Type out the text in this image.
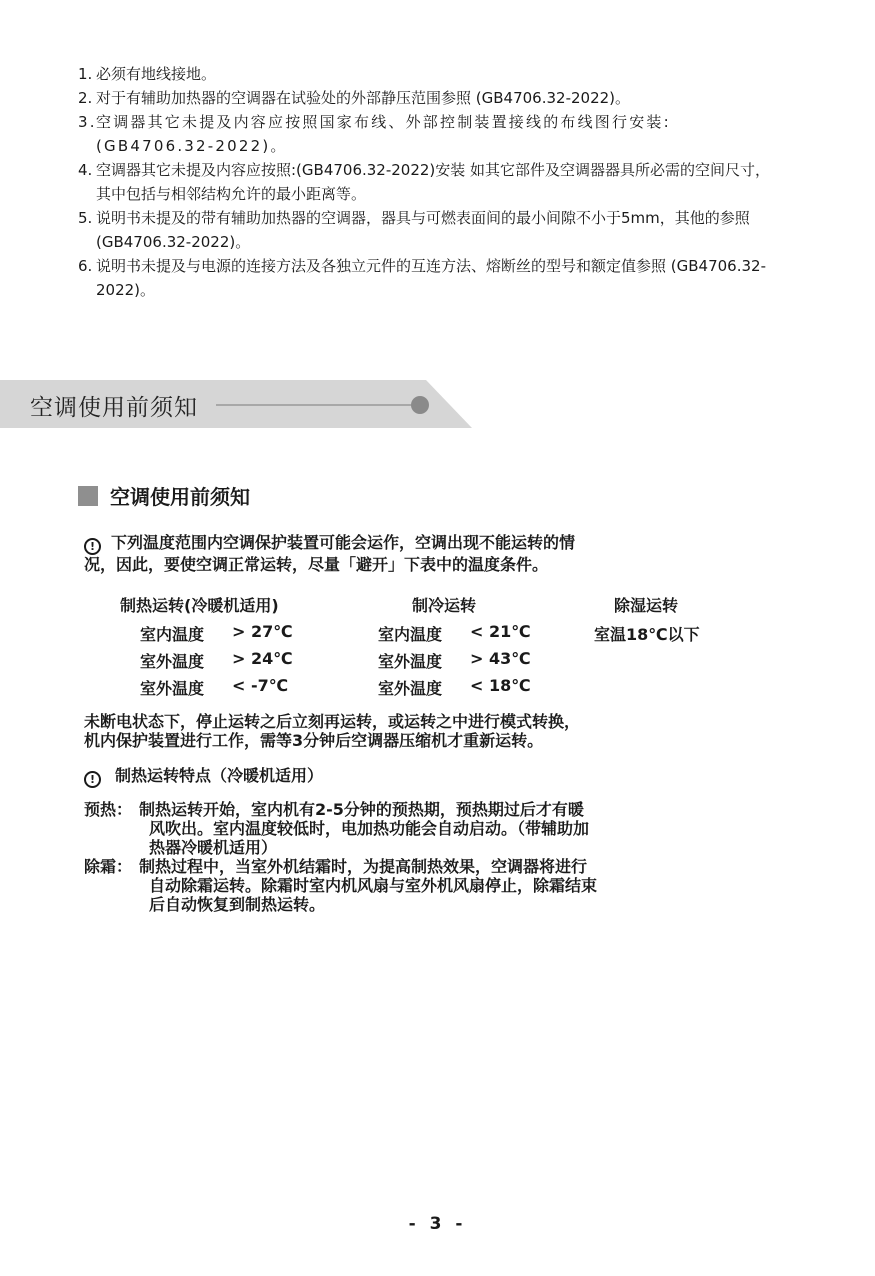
1. 必须有地线接地。
2. 对于有辅助加热器的空调器在试验处的外部静压范围参照 (GB4706.32-2022)。
3. 空调器其它未提及内容应按照国家布线、外部控制装置接线的布线图行安装:(GB4706.32-2022)。
4. 空调器其它未提及内容应按照:(GB4706.32-2022)安装 如其它部件及空调器器具所必需的空间尺寸，其中包括与相邻结构允许的最小距离等。
5. 说明书未提及的带有辅助加热器的空调器，器具与可燃表面间的最小间隙不小于5mm，其他的参照 (GB4706.32-2022)。
6. 说明书未提及与电源的连接方法及各独立元件的互连方法、熔断丝的型号和额定值参照 (GB4706.32-2022)。
空调使用前须知
空调使用前须知
! 下列温度范围内空调保护装置可能会运作，空调出现不能运转的情
况，因此，要使空调正常运转，尽量「避开」下表中的温度条件。
制热运转(冷暖机适用)
室内温度 > 27℃
室外温度 > 24℃
室外温度 < -7℃
制冷运转
室内温度 < 21℃
室外温度 > 43℃
室外温度 < 18℃
除湿运转
室温18℃以下
未断电状态下，停止运转之后立刻再运转，或运转之中进行模式转换，
机内保护装置进行工作，需等3分钟后空调器压缩机才重新运转。
! 制热运转特点（冷暖机适用）
预热： 制热运转开始，室内机有2-5分钟的预热期，预热期过后才有暖
风吹出。室内温度较低时，电加热功能会自动启动。（带辅助加
热器冷暖机适用）
除霜： 制热过程中，当室外机结霜时，为提高制热效果，空调器将进行
自动除霜运转。除霜时室内机风扇与室外机风扇停止，除霜结束
后自动恢复到制热运转。
- 3 -
